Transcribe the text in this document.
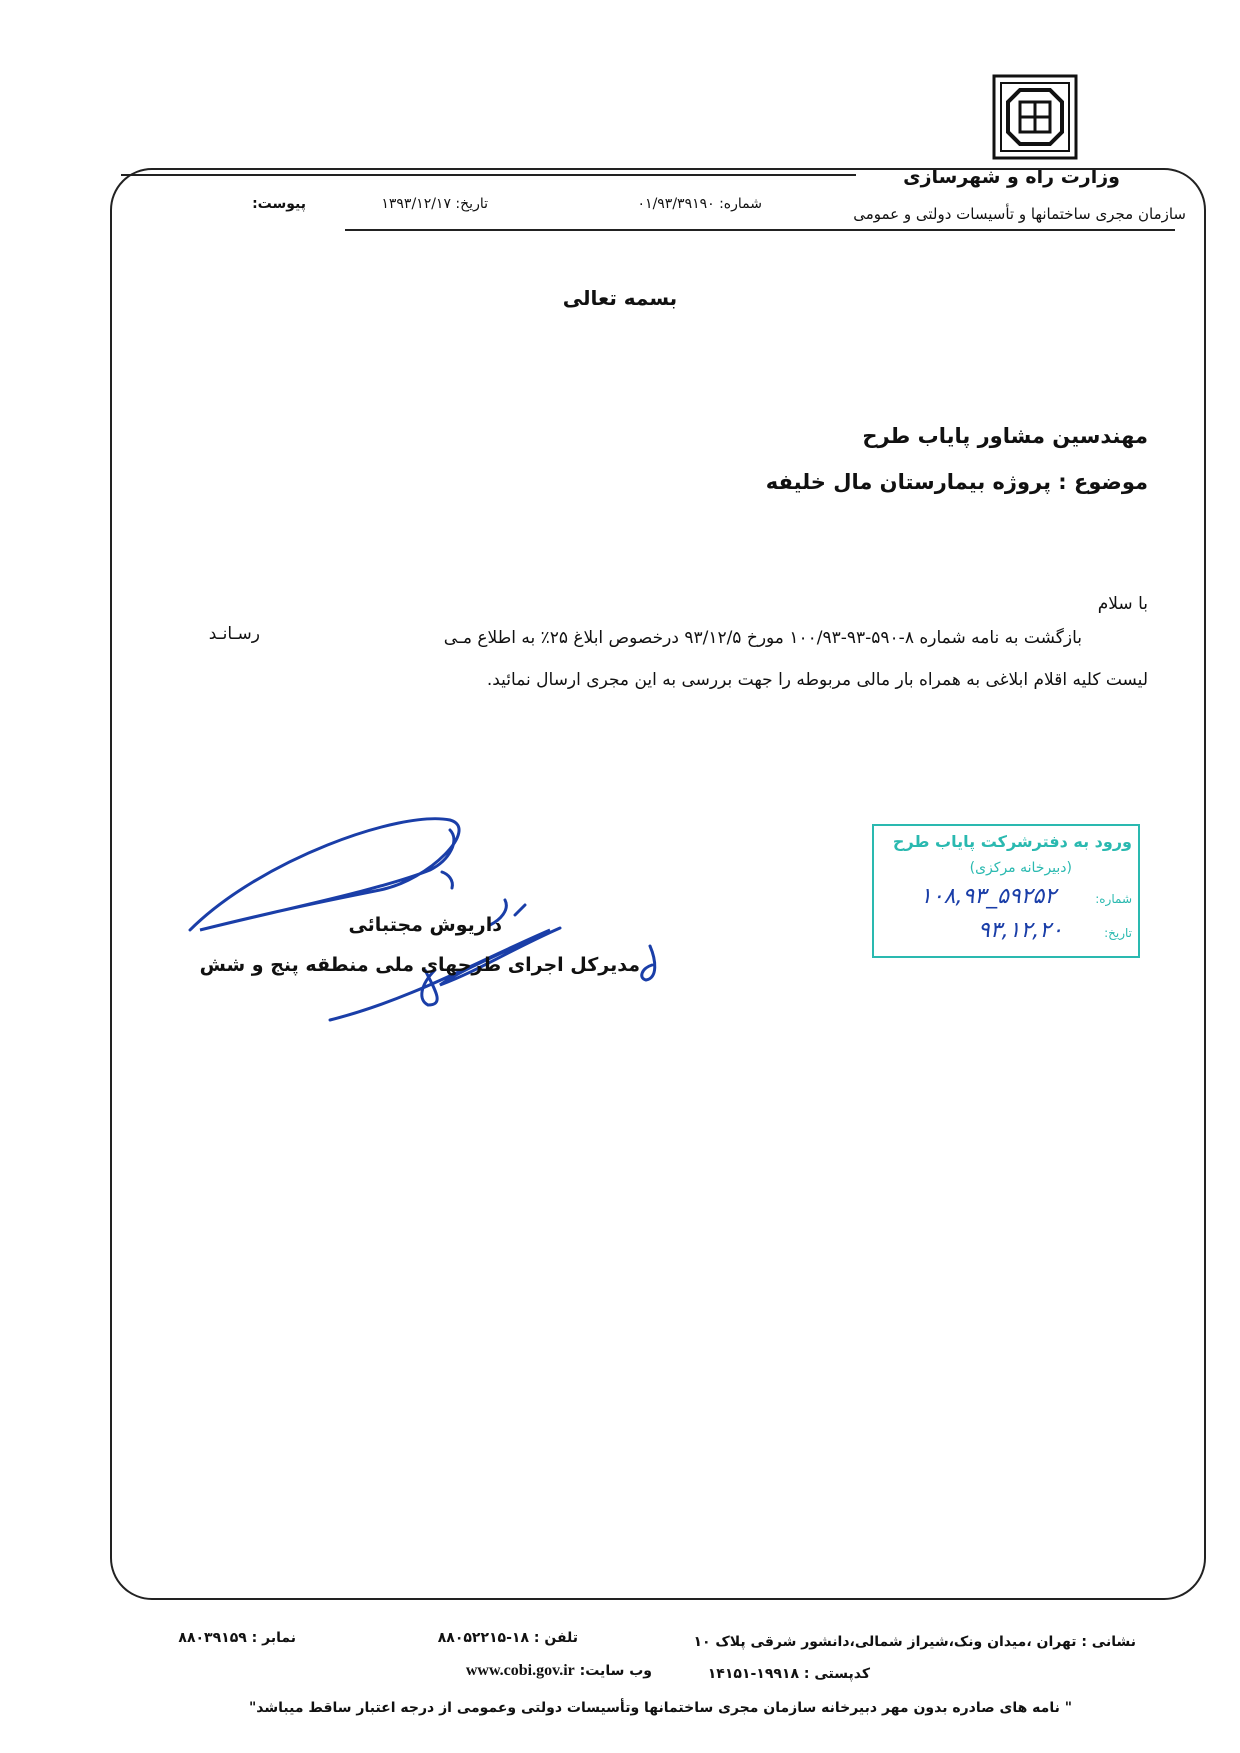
وزارت راه و شهرسازی
سازمان مجری ساختمانها و تأسیسات دولتی و عمومی
شماره: ۰۱/۹۳/۳۹۱۹۰
تاریخ: ۱۳۹۳/۱۲/۱۷
پیوست:
بسمه تعالی
مهندسین مشاور پایاب طرح
موضوع : پروژه بیمارستان مال خلیفه
با سلام
بازگشت به نامه شماره ۸-۵۹۰-۹۳-۱۰۰/۹۳ مورخ ۹۳/۱۲/۵ درخصوص ابلاغ ۲۵٪ به اطلاع مـی
رسـانـد
لیست کلیه اقلام ابلاغی به همراه بار مالی مربوطه را جهت بررسی به این مجری ارسال نمائید.
داریوش مجتبائی
مدیرکل اجرای طرحهای ملی منطقه پنج و شش
ورود به دفترشرکت پایاب طرح
(دبیرخانه مرکزی)
شماره:
تاریخ:
۱۰۸,۹۳_۵۹۲۵۲
۹۳,۱۲,۲۰
نشانی : تهران ،میدان ونک،شیراز شمالی،دانشور شرقی پلاک ۱۰
کدپستی : ۱۹۹۱۸-۱۴۱۵۱
تلفن : ۱۸-۸۸۰۵۲۲۱۵
وب سایت: www.cobi.gov.ir
نمابر : ۸۸۰۳۹۱۵۹
" نامه های صادره بدون مهر دبیرخانه سازمان مجری ساختمانها وتأسیسات دولتی وعمومی از درجه اعتبار ساقط میباشد"
